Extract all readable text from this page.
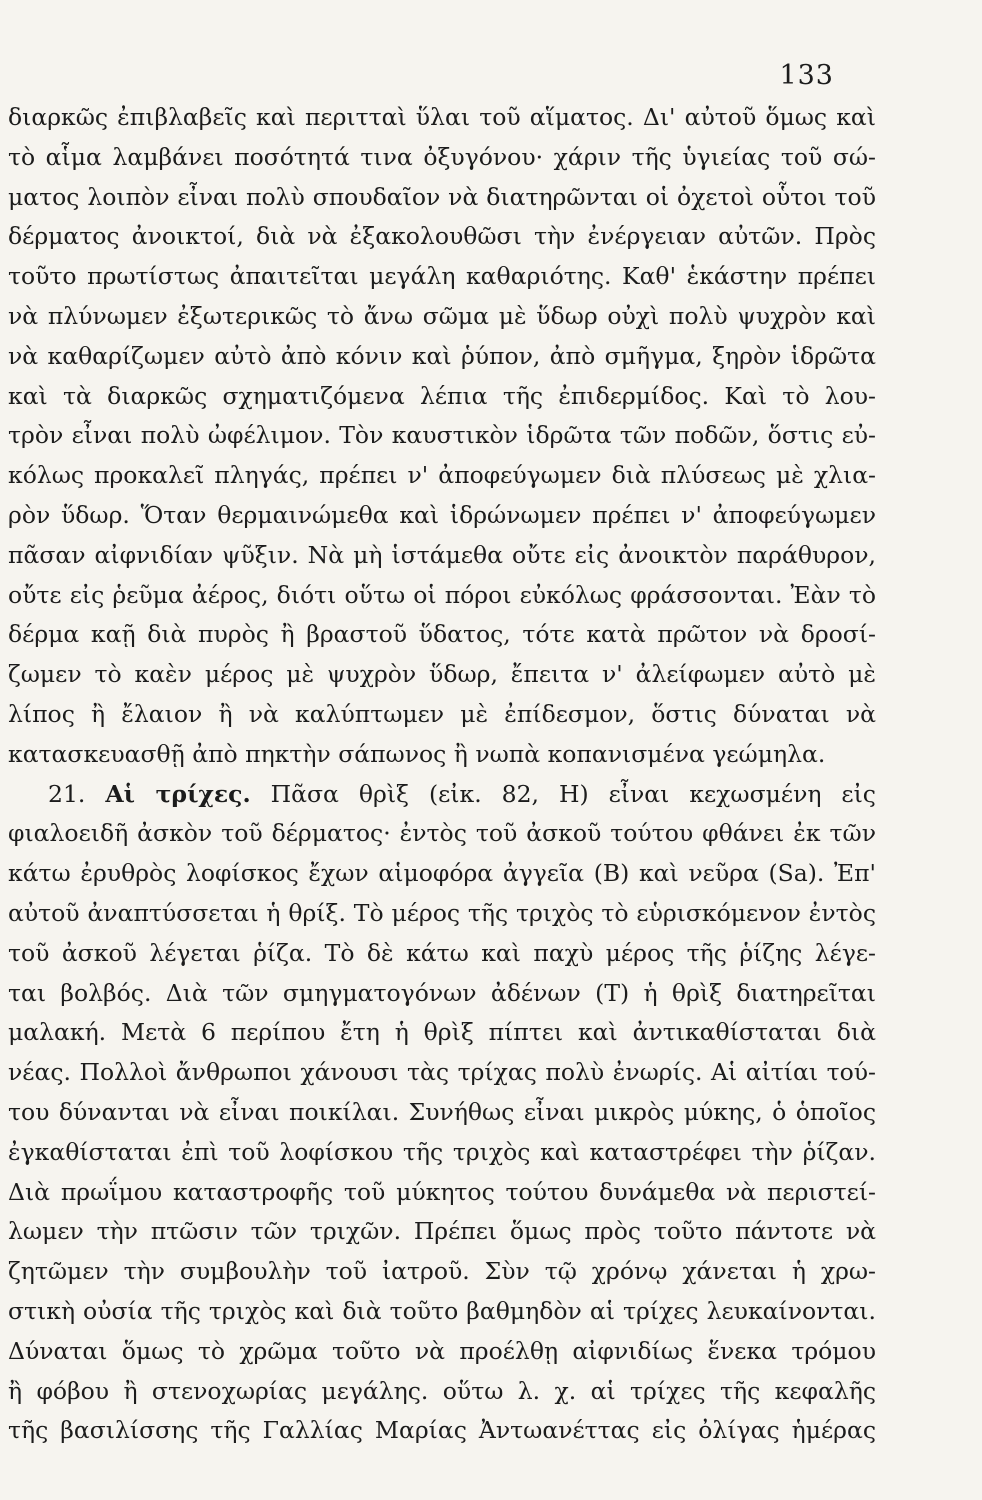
133
διαρκῶς ἐπιβλαβεῖς καὶ περιτταὶ ὕλαι τοῦ αἵματος. Δι' αὐτοῦ ὅμως καὶ
τὸ αἷμα λαμβάνει ποσότητά τινα ὀξυγόνου· χάριν τῆς ὑγιείας τοῦ σώ-
ματος λοιπὸν εἶναι πολὺ σπουδαῖον νὰ διατηρῶνται οἱ ὀχετοὶ οὗτοι τοῦ
δέρματος ἀνοικτοί, διὰ νὰ ἐξακολουθῶσι τὴν ἐνέργειαν αὐτῶν. Πρὸς
τοῦτο πρωτίστως ἀπαιτεῖται μεγάλη καθαριότης. Καθ' ἑκάστην πρέπει
νὰ πλύνωμεν ἐξωτερικῶς τὸ ἄνω σῶμα μὲ ὕδωρ οὐχὶ πολὺ ψυχρὸν καὶ
νὰ καθαρίζωμεν αὐτὸ ἀπὸ κόνιν καὶ ῥύπον, ἀπὸ σμῆγμα, ξηρὸν ἱδρῶτα
καὶ τὰ διαρκῶς σχηματιζόμενα λέπια τῆς ἐπιδερμίδος. Καὶ τὸ λου-
τρὸν εἶναι πολὺ ὠφέλιμον. Τὸν καυστικὸν ἱδρῶτα τῶν ποδῶν, ὅστις εὐ-
κόλως προκαλεῖ πληγάς, πρέπει ν' ἀποφεύγωμεν διὰ πλύσεως μὲ χλια-
ρὸν ὕδωρ. Ὅταν θερμαινώμεθα καὶ ἱδρώνωμεν πρέπει ν' ἀποφεύγωμεν
πᾶσαν αἰφνιδίαν ψῦξιν. Νὰ μὴ ἱστάμεθα οὔτε εἰς ἀνοικτὸν παράθυρον,
οὔτε εἰς ῥεῦμα ἀέρος, διότι οὕτω οἱ πόροι εὐκόλως φράσσονται. Ἐὰν τὸ
δέρμα καῇ διὰ πυρὸς ἢ βραστοῦ ὕδατος, τότε κατὰ πρῶτον νὰ δροσί-
ζωμεν τὸ καὲν μέρος μὲ ψυχρὸν ὕδωρ, ἔπειτα ν' ἀλείφωμεν αὐτὸ μὲ
λίπος ἢ ἔλαιον ἢ νὰ καλύπτωμεν μὲ ἐπίδεσμον, ὅστις δύναται νὰ
κατασκευασθῇ ἀπὸ πηκτὴν σάπωνος ἢ νωπὰ κοπανισμένα γεώμηλα.
21. Αἱ τρίχες. Πᾶσα θρὶξ (εἰκ. 82, Η) εἶναι κεχωσμένη εἰς
φιαλοειδῆ ἀσκὸν τοῦ δέρματος· ἐντὸς τοῦ ἀσκοῦ τούτου φθάνει ἐκ τῶν
κάτω ἐρυθρὸς λοφίσκος ἔχων αἱμοφόρα ἀγγεῖα (Β) καὶ νεῦρα (Sa). Ἐπ'
αὐτοῦ ἀναπτύσσεται ἡ θρίξ. Τὸ μέρος τῆς τριχὸς τὸ εὑρισκόμενον ἐντὸς
τοῦ ἀσκοῦ λέγεται ῥίζα. Τὸ δὲ κάτω καὶ παχὺ μέρος τῆς ῥίζης λέγε-
ται βολβός. Διὰ τῶν σμηγματογόνων ἀδένων (Τ) ἡ θρὶξ διατηρεῖται
μαλακή. Μετὰ 6 περίπου ἔτη ἡ θρὶξ πίπτει καὶ ἀντικαθίσταται διὰ
νέας. Πολλοὶ ἄνθρωποι χάνουσι τὰς τρίχας πολὺ ἐνωρίς. Αἱ αἰτίαι τού-
του δύνανται νὰ εἶναι ποικίλαι. Συνήθως εἶναι μικρὸς μύκης, ὁ ὁποῖος
ἐγκαθίσταται ἐπὶ τοῦ λοφίσκου τῆς τριχὸς καὶ καταστρέφει τὴν ῥίζαν.
Διὰ πρωΐμου καταστροφῆς τοῦ μύκητος τούτου δυνάμεθα νὰ περιστεί-
λωμεν τὴν πτῶσιν τῶν τριχῶν. Πρέπει ὅμως πρὸς τοῦτο πάντοτε νὰ
ζητῶμεν τὴν συμβουλὴν τοῦ ἰατροῦ. Σὺν τῷ χρόνῳ χάνεται ἡ χρω-
στικὴ οὐσία τῆς τριχὸς καὶ διὰ τοῦτο βαθμηδὸν αἱ τρίχες λευκαίνονται.
Δύναται ὅμως τὸ χρῶμα τοῦτο νὰ προέλθῃ αἰφνιδίως ἕνεκα τρόμου
ἢ φόβου ἢ στενοχωρίας μεγάλης. οὕτω λ. χ. αἱ τρίχες τῆς κεφαλῆς
τῆς βασιλίσσης τῆς Γαλλίας Μαρίας Ἀντωανέττας εἰς ὀλίγας ἡμέρας
